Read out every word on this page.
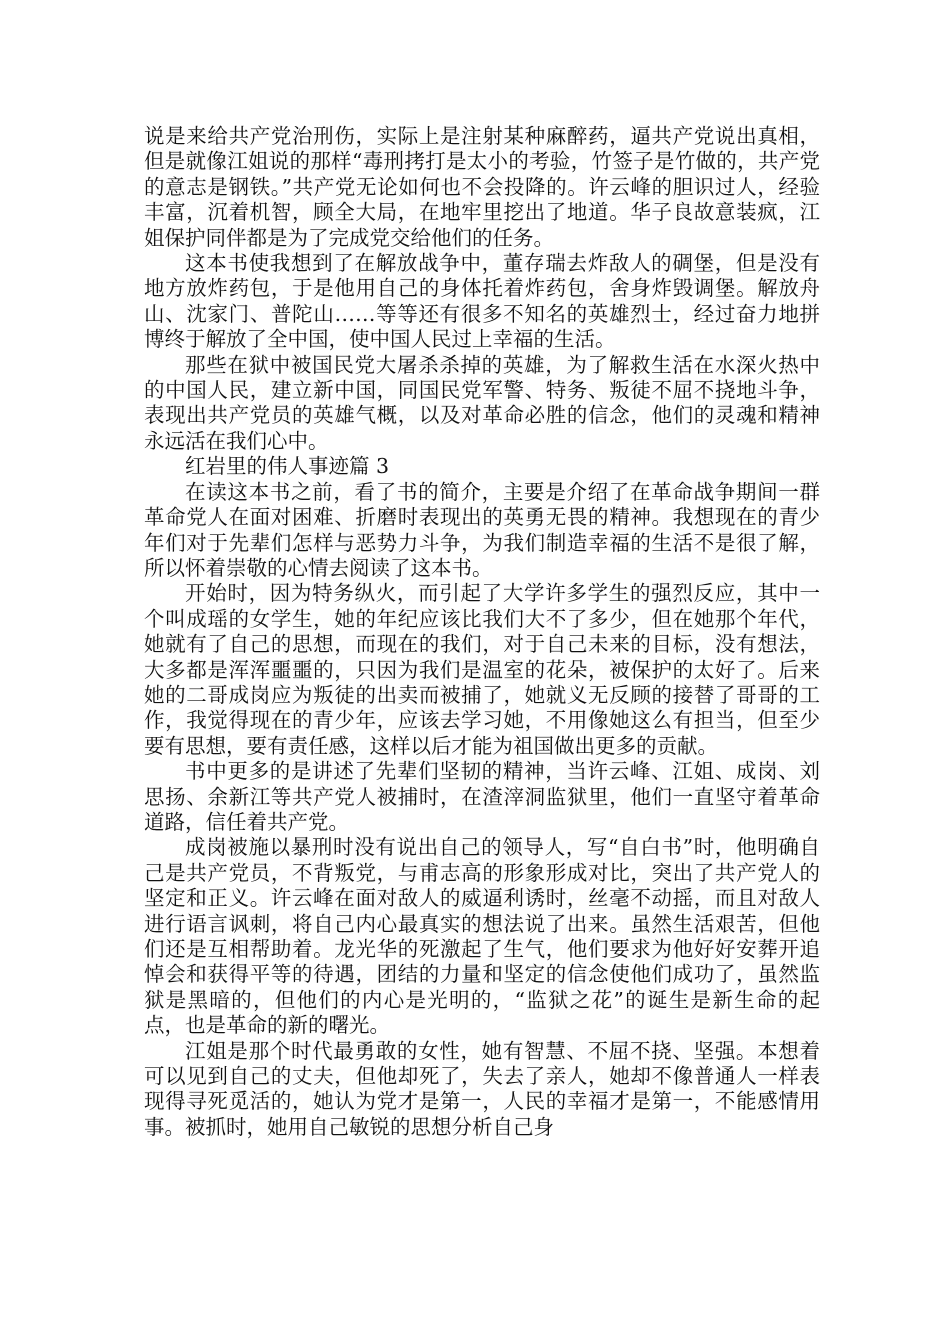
说是来给共产党治刑伤，实际上是注射某种麻醉药，逼共产党说出真相，但是就像江姐说的那样“毒刑拷打是太小的考验，竹签子是竹做的，共产党的意志是钢铁。”共产党无论如何也不会投降的。许云峰的胆识过人，经验丰富，沉着机智，顾全大局，在地牢里挖出了地道。华子良故意装疯，江姐保护同伴都是为了完成党交给他们的任务。

这本书使我想到了在解放战争中，董存瑞去炸敌人的碉堡，但是没有地方放炸药包，于是他用自己的身体托着炸药包，舍身炸毁调堡。解放舟山、沈家门、普陀山……等等还有很多不知名的英雄烈士，经过奋力地拼博终于解放了全中国，使中国人民过上幸福的生活。

那些在狱中被国民党大屠杀杀掉的英雄，为了解救生活在水深火热中的中国人民，建立新中国，同国民党军警、特务、叛徒不屈不挠地斗争，表现出共产党员的英雄气概，以及对革命必胜的信念，他们的灵魂和精神永远活在我们心中。

红岩里的伟人事迹篇 3

在读这本书之前，看了书的简介，主要是介绍了在革命战争期间一群革命党人在面对困难、折磨时表现出的英勇无畏的精神。我想现在的青少年们对于先辈们怎样与恶势力斗争，为我们制造幸福的生活不是很了解，所以怀着崇敬的心情去阅读了这本书。

开始时，因为特务纵火，而引起了大学许多学生的强烈反应，其中一个叫成瑶的女学生，她的年纪应该比我们大不了多少，但在她那个年代，她就有了自己的思想，而现在的我们，对于自己未来的目标，没有想法，大多都是浑浑噩噩的，只因为我们是温室的花朵，被保护的太好了。后来她的二哥成岗应为叛徒的出卖而被捕了，她就义无反顾的接替了哥哥的工作，我觉得现在的青少年，应该去学习她，不用像她这么有担当，但至少要有思想，要有责任感，这样以后才能为祖国做出更多的贡献。

书中更多的是讲述了先辈们坚韧的精神，当许云峰、江姐、成岗、刘思扬、余新江等共产党人被捕时，在渣滓洞监狱里，他们一直坚守着革命道路，信任着共产党。

成岗被施以暴刑时没有说出自己的领导人，写“自白书”时，他明确自己是共产党员，不背叛党，与甫志高的形象形成对比，突出了共产党人的坚定和正义。许云峰在面对敌人的威逼利诱时，丝毫不动摇，而且对敌人进行语言讽刺，将自己内心最真实的想法说了出来。虽然生活艰苦，但他们还是互相帮助着。龙光华的死激起了生气，他们要求为他好好安葬开追悼会和获得平等的待遇，团结的力量和坚定的信念使他们成功了，虽然监狱是黑暗的，但他们的内心是光明的，“监狱之花”的诞生是新生命的起点，也是革命的新的曙光。

江姐是那个时代最勇敢的女性，她有智慧、不屈不挠、坚强。本想着可以见到自己的丈夫，但他却死了，失去了亲人，她却不像普通人一样表现得寻死觅活的，她认为党才是第一，人民的幸福才是第一，不能感情用事。被抓时，她用自己敏锐的思想分析自己身
